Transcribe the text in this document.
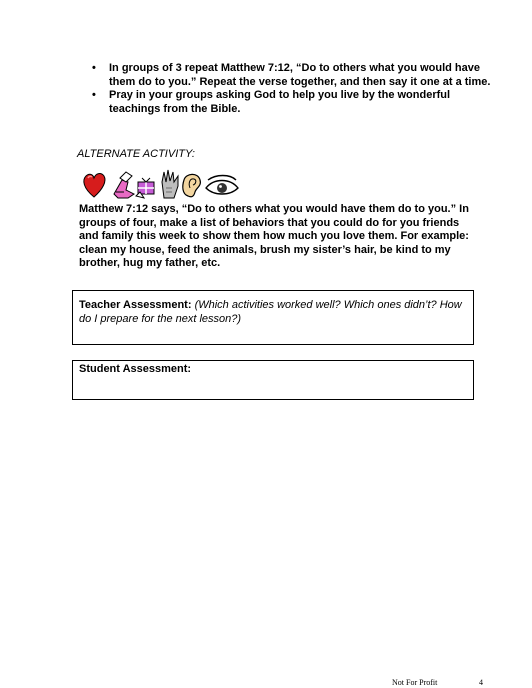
• In groups of 3 repeat Matthew 7:12, “Do to others what you would have them do to you.” Repeat the verse together, and then say it one at a time.
• Pray in your groups asking God to help you live by the wonderful teachings from the Bible.
ALTERNATE ACTIVITY:
Matthew 7:12 says, “Do to others what you would have them do to you.” In groups of four, make a list of behaviors that you could do for you friends and family this week to show them how much you love them. For example: clean my house, feed the animals, brush my sister’s hair, be kind to my brother, hug my father, etc.
Teacher Assessment: (Which activities worked well? Which ones didn’t? How do I prepare for the next lesson?)
Student Assessment:
Not For Profit	4
